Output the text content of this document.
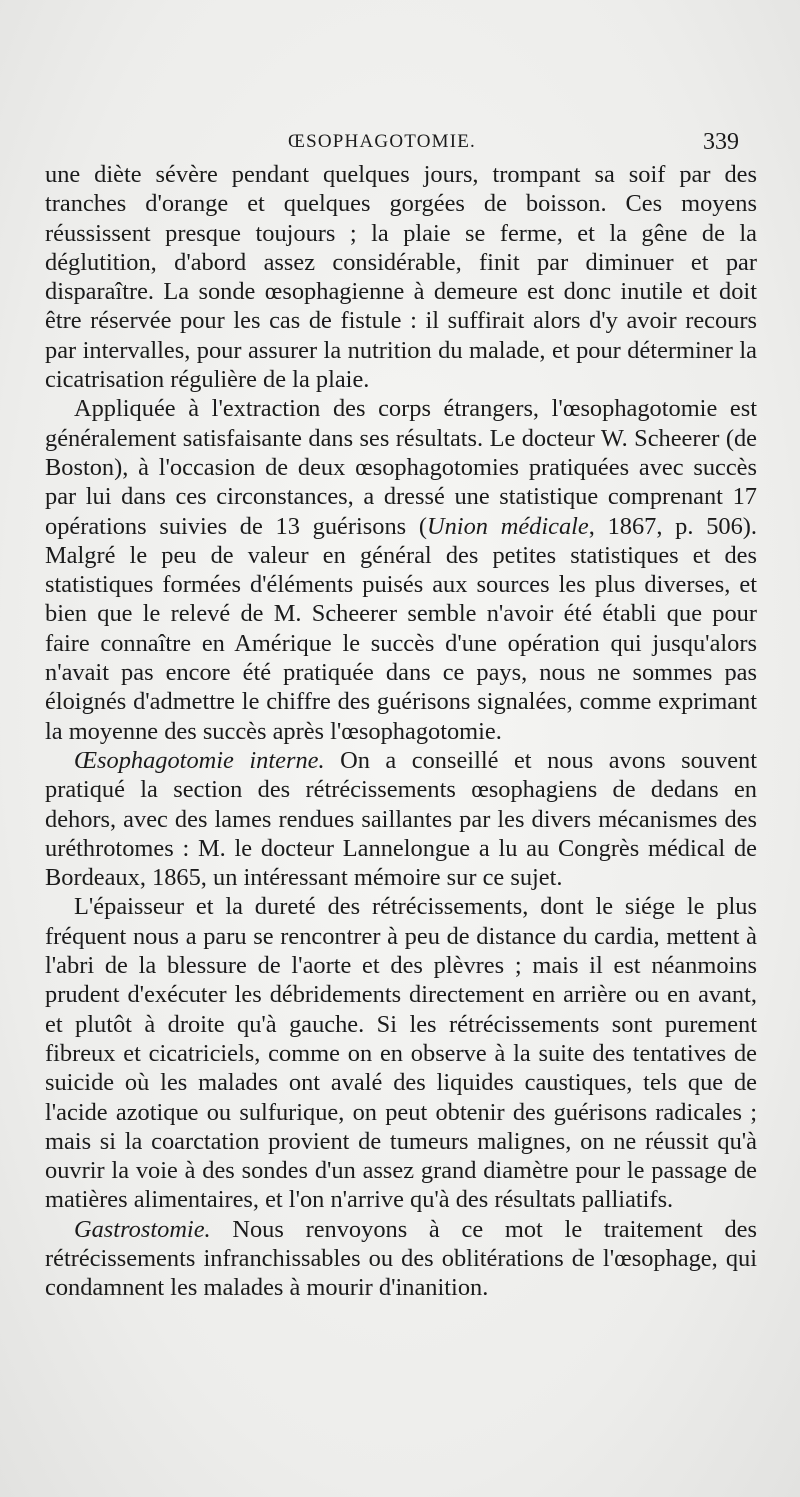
ŒSOPHAGOTOMIE.	339

une diète sévère pendant quelques jours, trompant sa soif par des tranches d'orange et quelques gorgées de boisson. Ces moyens réussissent presque toujours ; la plaie se ferme, et la gêne de la déglutition, d'abord assez considérable, finit par diminuer et par disparaître. La sonde œsophagienne à demeure est donc inutile et doit être réservée pour les cas de fistule : il suffirait alors d'y avoir recours par intervalles, pour assurer la nutrition du malade, et pour déterminer la cicatrisation régulière de la plaie.

Appliquée à l'extraction des corps étrangers, l'œsophagotomie est généralement satisfaisante dans ses résultats. Le docteur W. Scheerer (de Boston), à l'occasion de deux œsophagotomies pratiquées avec succès par lui dans ces circonstances, a dressé une statistique comprenant 17 opérations suivies de 13 guérisons (Union médicale, 1867, p. 506). Malgré le peu de valeur en général des petites statistiques et des statistiques formées d'éléments puisés aux sources les plus diverses, et bien que le relevé de M. Scheerer semble n'avoir été établi que pour faire connaître en Amérique le succès d'une opération qui jusqu'alors n'avait pas encore été pratiquée dans ce pays, nous ne sommes pas éloignés d'admettre le chiffre des guérisons signalées, comme exprimant la moyenne des succès après l'œsophagotomie.

Œsophagotomie interne. On a conseillé et nous avons souvent pratiqué la section des rétrécissements œsophagiens de dedans en dehors, avec des lames rendues saillantes par les divers mécanismes des uréthrotomes : M. le docteur Lannelongue a lu au Congrès médical de Bordeaux, 1865, un intéressant mémoire sur ce sujet.

L'épaisseur et la dureté des rétrécissements, dont le siége le plus fréquent nous a paru se rencontrer à peu de distance du cardia, mettent à l'abri de la blessure de l'aorte et des plèvres ; mais il est néanmoins prudent d'exécuter les débridements directement en arrière ou en avant, et plutôt à droite qu'à gauche. Si les rétrécissements sont purement fibreux et cicatriciels, comme on en observe à la suite des tentatives de suicide où les malades ont avalé des liquides caustiques, tels que de l'acide azotique ou sulfurique, on peut obtenir des guérisons radicales ; mais si la coarctation provient de tumeurs malignes, on ne réussit qu'à ouvrir la voie à des sondes d'un assez grand diamètre pour le passage de matières alimentaires, et l'on n'arrive qu'à des résultats palliatifs.

Gastrostomie. Nous renvoyons à ce mot le traitement des rétrécissements infranchissables ou des oblitérations de l'œsophage, qui condamnent les malades à mourir d'inanition.
